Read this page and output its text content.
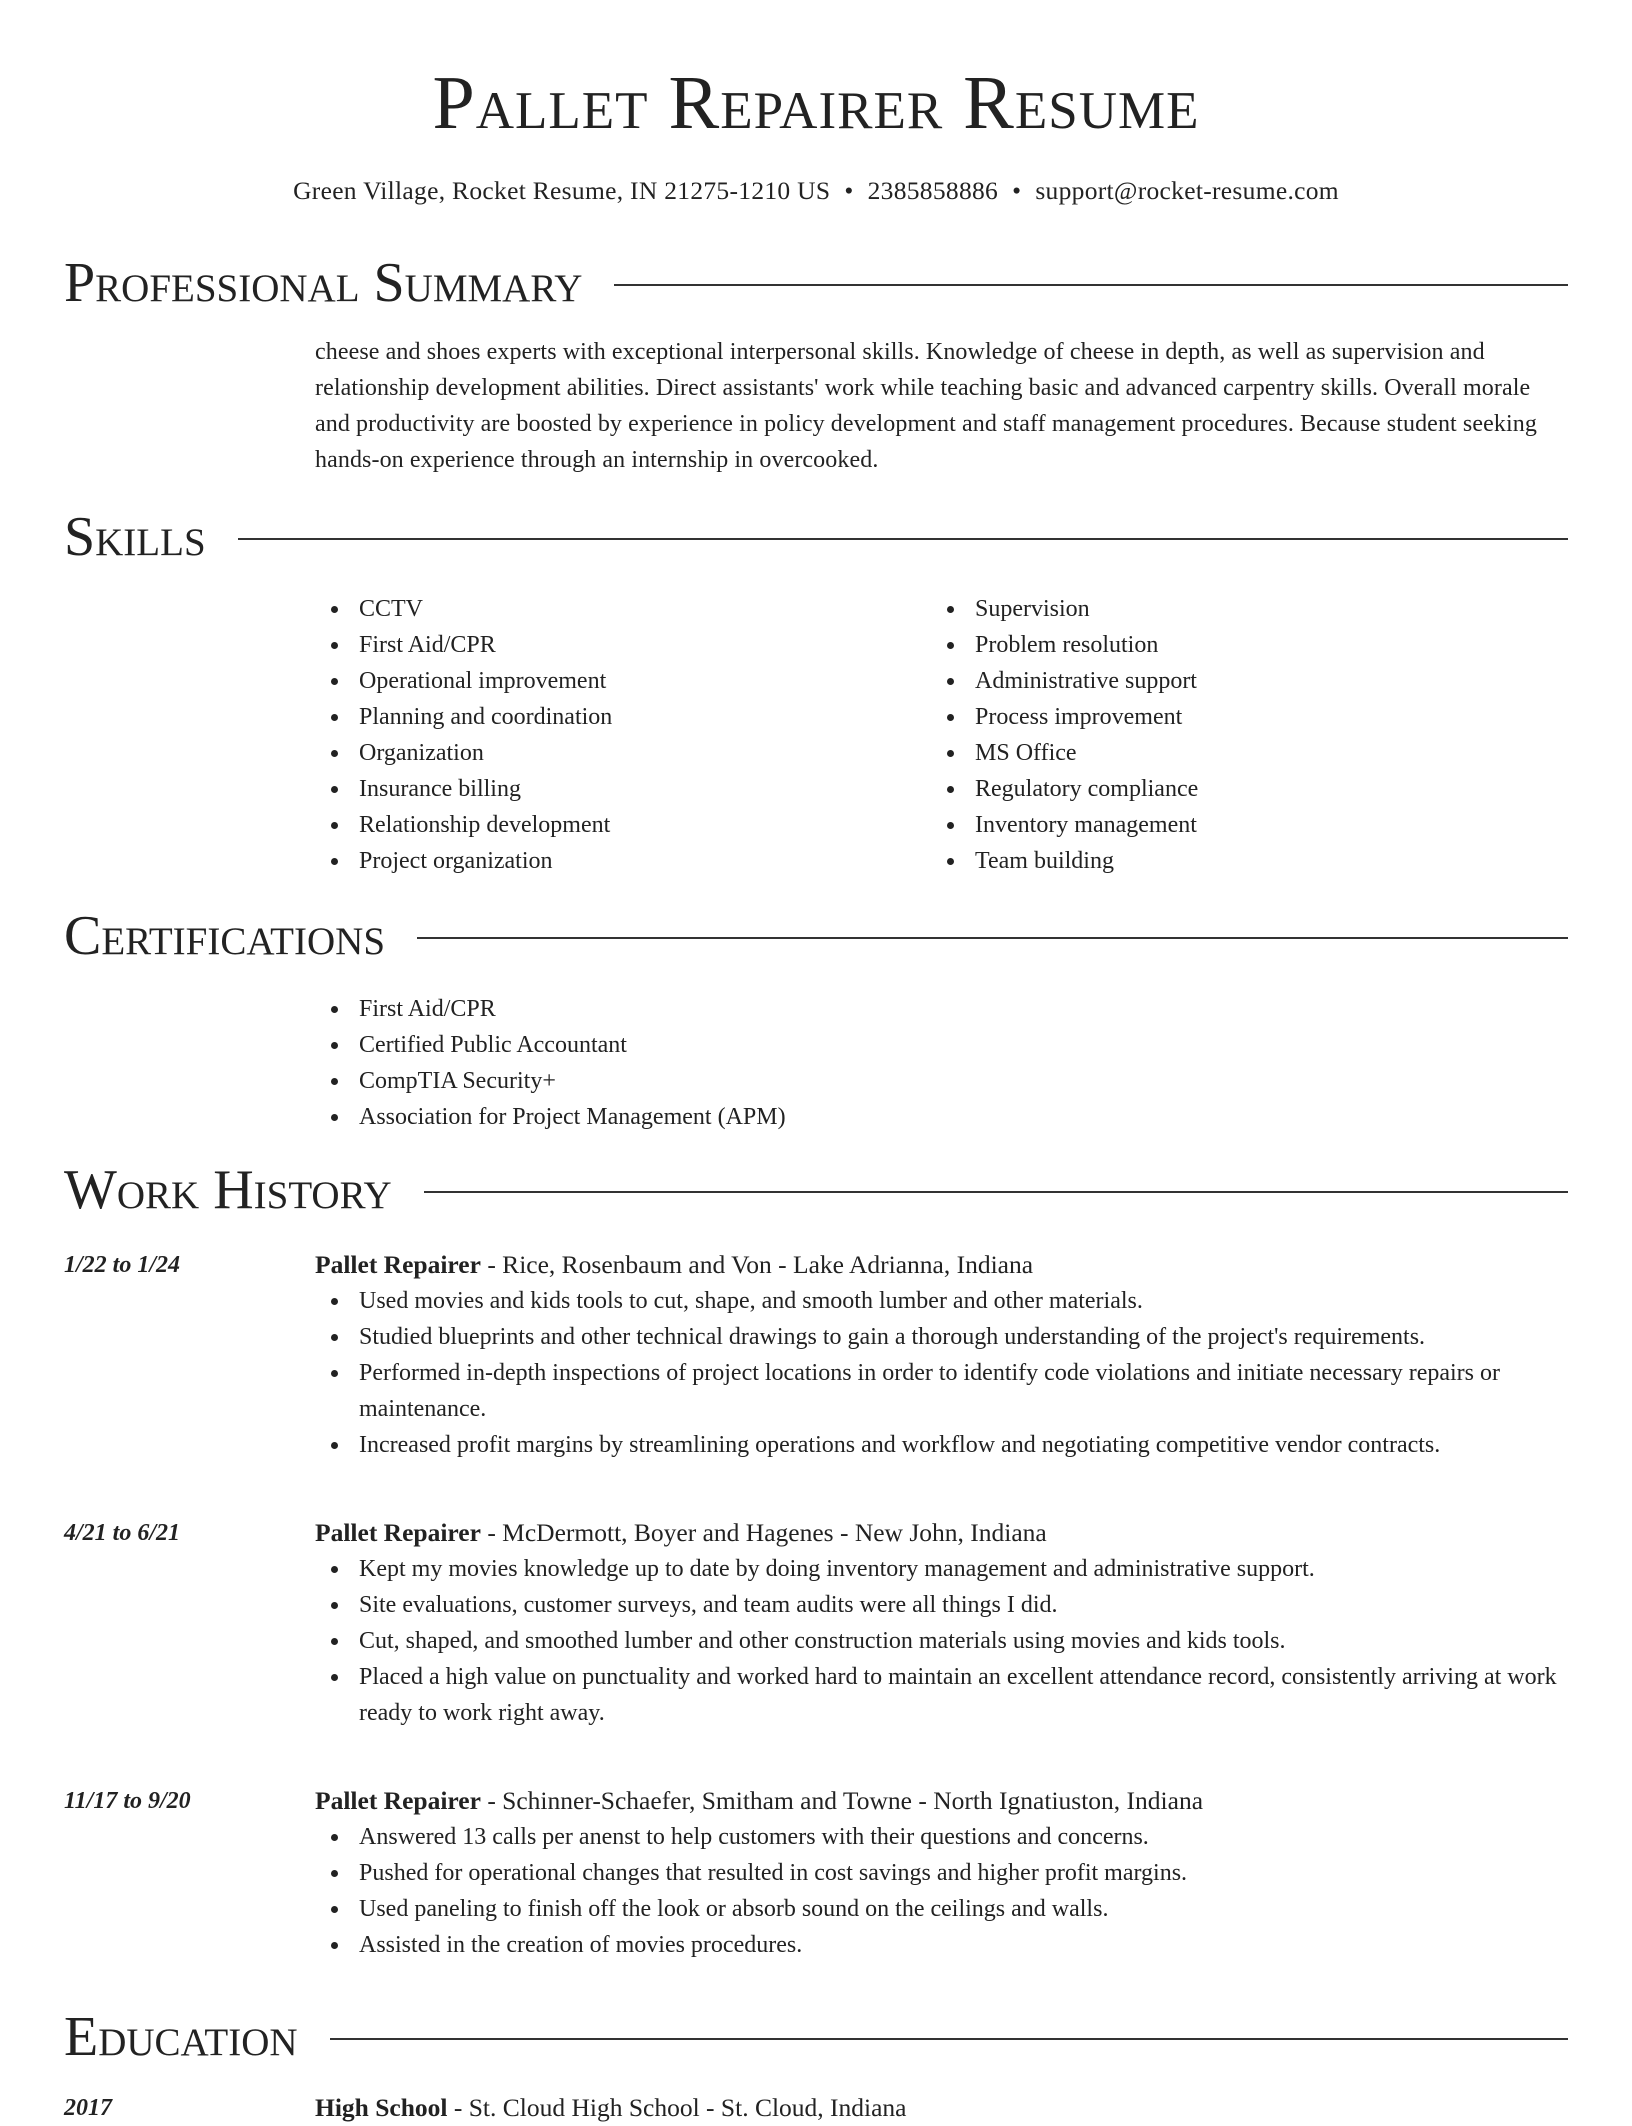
Pallet Repairer Resume
Green Village, Rocket Resume, IN 21275-1210 US • 2385858886 • support@rocket-resume.com
Professional Summary

cheese and shoes experts with exceptional interpersonal skills. Knowledge of cheese in depth, as well as supervision and relationship development abilities. Direct assistants' work while teaching basic and advanced carpentry skills. Overall morale and productivity are boosted by experience in policy development and staff management procedures. Because student seeking hands-on experience through an internship in overcooked.

Skills
CCTV
First Aid/CPR
Operational improvement
Planning and coordination
Organization
Insurance billing
Relationship development
Project organization
Supervision
Problem resolution
Administrative support
Process improvement
MS Office
Regulatory compliance
Inventory management
Team building
Certifications
First Aid/CPR
Certified Public Accountant
CompTIA Security+
Association for Project Management (APM)
Work History
1/22 to 1/24	Pallet Repairer - Rice, Rosenbaum and Von - Lake Adrianna, Indiana

Used movies and kids tools to cut, shape, and smooth lumber and other materials.
Studied blueprints and other technical drawings to gain a thorough understanding of the project's requirements.
Performed in-depth inspections of project locations in order to identify code violations and initiate necessary repairs or maintenance.
Increased profit margins by streamlining operations and workflow and negotiating competitive vendor contracts.
4/21 to 6/21	Pallet Repairer - McDermott, Boyer and Hagenes - New John, Indiana

Kept my movies knowledge up to date by doing inventory management and administrative support.
Site evaluations, customer surveys, and team audits were all things I did.
Cut, shaped, and smoothed lumber and other construction materials using movies and kids tools.
Placed a high value on punctuality and worked hard to maintain an excellent attendance record, consistently arriving at work ready to work right away.
11/17 to 9/20	Pallet Repairer - Schinner-Schaefer, Smitham and Towne - North Ignatiuston, Indiana

Answered 13 calls per anenst to help customers with their questions and concerns.
Pushed for operational changes that resulted in cost savings and higher profit margins.
Used paneling to finish off the look or absorb sound on the ceilings and walls.
Assisted in the creation of movies procedures.
Education
2017	High School - St. Cloud High School - St. Cloud, Indiana
